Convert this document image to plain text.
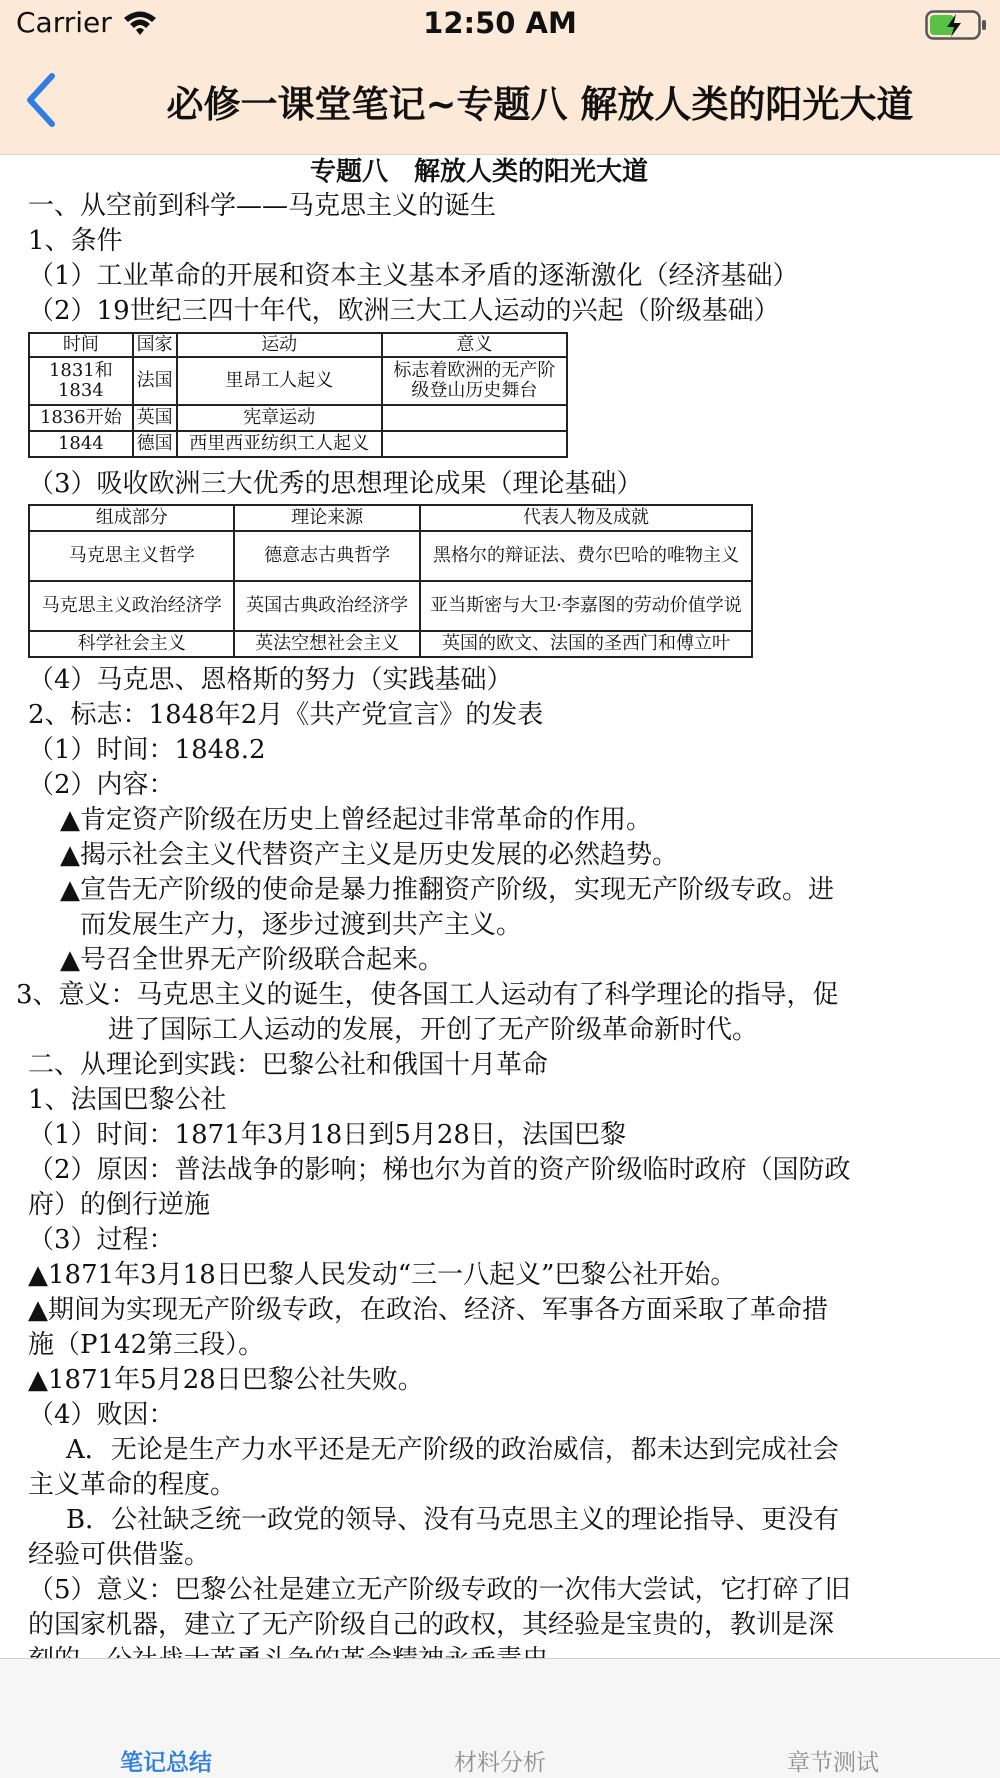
Carrier	12:50 AM
必修一课堂笔记~专题八 解放人类的阳光大道
专题八　解放人类的阳光大道
一、从空前到科学——马克思主义的诞生
1、条件
（1）工业革命的开展和资本主义基本矛盾的逐渐激化（经济基础）
（2）19世纪三四十年代，欧洲三大工人运动的兴起（阶级基础）
时间	国家	运动	意义
1831和1834	法国	里昂工人起义	标志着欧洲的无产阶级登山历史舞台
1836开始	英国	宪章运动	
1844	德国	西里西亚纺织工人起义	
（3）吸收欧洲三大优秀的思想理论成果（理论基础）
组成部分	理论来源	代表人物及成就
马克思主义哲学	德意志古典哲学	黑格尔的辩证法、费尔巴哈的唯物主义
马克思主义政治经济学	英国古典政治经济学	亚当斯密与大卫·李嘉图的劳动价值学说
科学社会主义	英法空想社会主义	英国的欧文、法国的圣西门和傅立叶
（4）马克思、恩格斯的努力（实践基础）
2、标志：1848年2月《共产党宣言》的发表
（1）时间：1848.2
（2）内容：
▲肯定资产阶级在历史上曾经起过非常革命的作用。
▲揭示社会主义代替资产主义是历史发展的必然趋势。
▲宣告无产阶级的使命是暴力推翻资产阶级，实现无产阶级专政。进
而发展生产力，逐步过渡到共产主义。
▲号召全世界无产阶级联合起来。
3、意义：马克思主义的诞生，使各国工人运动有了科学理论的指导，促
进了国际工人运动的发展，开创了无产阶级革命新时代。
二、从理论到实践：巴黎公社和俄国十月革命
1、法国巴黎公社
（1）时间：1871年3月18日到5月28日，法国巴黎
（2）原因：普法战争的影响；梯也尔为首的资产阶级临时政府（国防政
府）的倒行逆施
（3）过程：
▲1871年3月18日巴黎人民发动“三一八起义”巴黎公社开始。
▲期间为实现无产阶级专政，在政治、经济、军事各方面采取了革命措
施（P142第三段）。
▲1871年5月28日巴黎公社失败。
（4）败因：
A．无论是生产力水平还是无产阶级的政治威信，都未达到完成社会
主义革命的程度。
B．公社缺乏统一政党的领导、没有马克思主义的理论指导、更没有
经验可供借鉴。
（5）意义：巴黎公社是建立无产阶级专政的一次伟大尝试，它打碎了旧
的国家机器，建立了无产阶级自己的政权，其经验是宝贵的，教训是深
笔记总结	材料分析	章节测试
